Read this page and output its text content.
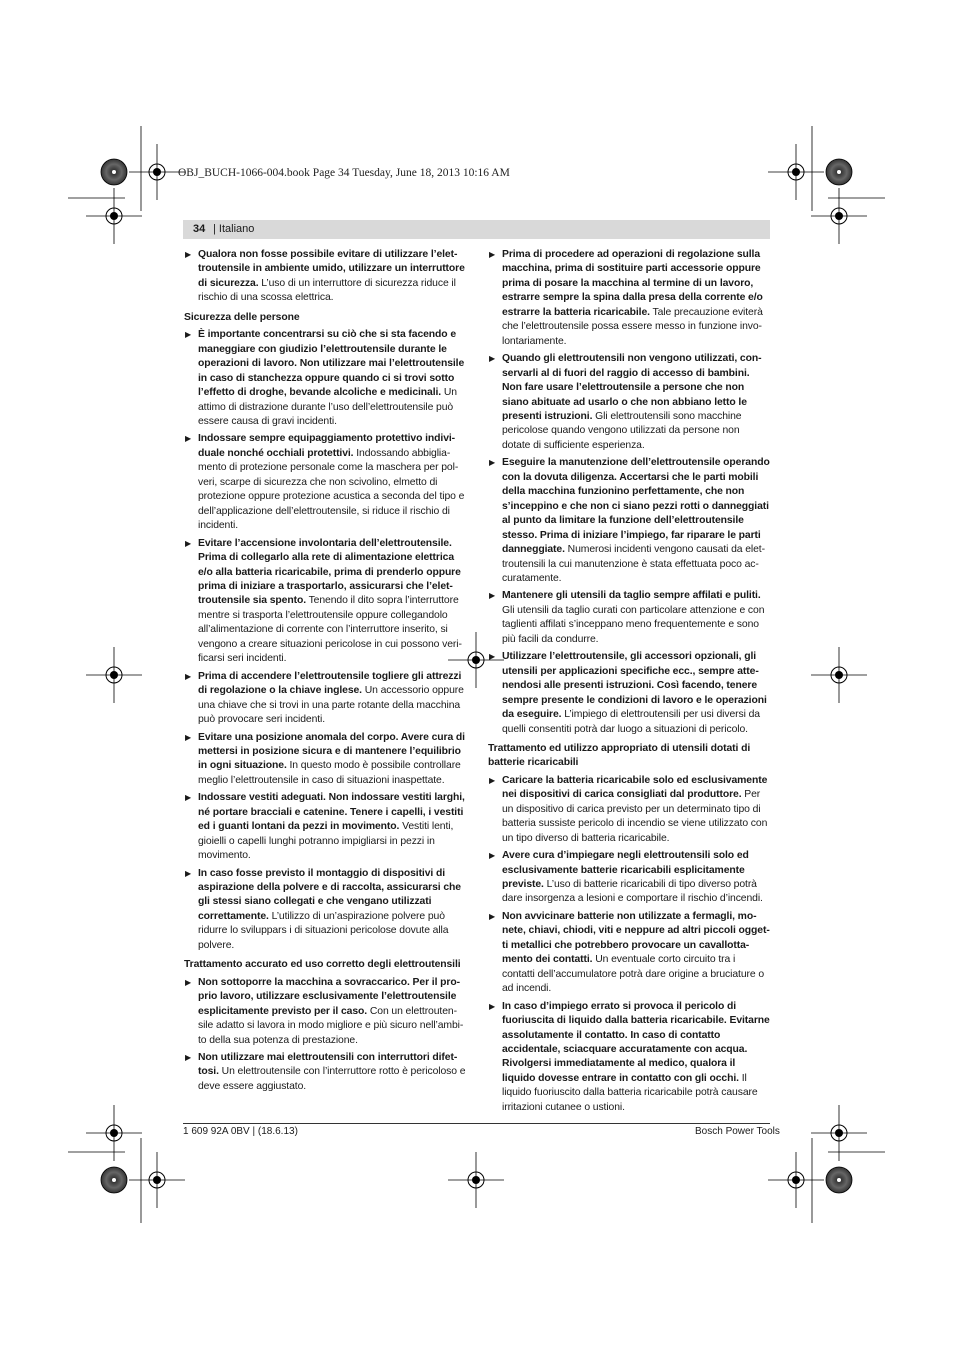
OBJ_BUCH-1066-004.book Page 34 Tuesday, June 18, 2013 10:16 AM
34 | Italiano
▶ Qualora non fosse possibile evitare di utilizzare l’elettroutensile in ambiente umido, utilizzare un interruttore di sicurezza. L’uso di un interruttore di sicurezza riduce il rischio di una scossa elettrica.
Sicurezza delle persone
▶ È importante concentrarsi su ciò che si sta facendo e maneggiare con giudizio l’elettroutensile durante le operazioni di lavoro. Non utilizzare mai l’elettroutensile in caso di stanchezza oppure quando ci si trovi sotto l’effetto di droghe, bevande alcoliche e medicinali. Un attimo di distrazione durante l’uso dell’elettroutensile può essere causa di gravi incidenti.
▶ Indossare sempre equipaggiamento protettivo individuale nonché occhiali protettivi. Indossando abbigliamento di protezione personale come la maschera per polveri, scarpe di sicurezza che non scivolino, elmetto di protezione oppure protezione acustica a seconda del tipo e dell’applicazione dell’elettroutensile, si riduce il rischio di incidenti.
▶ Evitare l’accensione involontaria dell’elettroutensile. Prima di collegarlo alla rete di alimentazione elettrica e/o alla batteria ricaricabile, prima di prenderlo oppure prima di iniziare a trasportarlo, assicurarsi che l’elettroutensile sia spento. Tenendo il dito sopra l’interruttore mentre si trasporta l’elettroutensile oppure collegandolo all’alimentazione di corrente con l’interruttore inserito, si vengono a creare situazioni pericolose in cui possono verificarsi seri incidenti.
▶ Prima di accendere l’elettroutensile togliere gli attrezzi di regolazione o la chiave inglese. Un accessorio oppure una chiave che si trovi in una parte rotante della macchina può provocare seri incidenti.
▶ Evitare una posizione anomala del corpo. Avere cura di mettersi in posizione sicura e di mantenere l’equilibrio in ogni situazione. In questo modo è possibile controllare meglio l’elettroutensile in caso di situazioni inaspettate.
▶ Indossare vestiti adeguati. Non indossare vestiti larghi, né portare bracciali e catenine. Tenere i capelli, i vestiti ed i guanti lontani da pezzi in movimento. Vestiti lenti, gioielli o capelli lunghi potranno impigliarsi in pezzi in movimento.
▶ In caso fosse previsto il montaggio di dispositivi di aspirazione della polvere e di raccolta, assicurarsi che gli stessi siano collegati e che vengano utilizzati correttamente. L’utilizzo di un’aspirazione polvere può ridurre lo sviluppars i di situazioni pericolose dovute alla polvere.
Trattamento accurato ed uso corretto degli elettroutensili
▶ Non sottoporre la macchina a sovraccarico. Per il proprio lavoro, utilizzare esclusivamente l’elettroutensile esplicitamente previsto per il caso. Con un elettroutensile adatto si lavora in modo migliore e più sicuro nell’ambito della sua potenza di prestazione.
▶ Non utilizzare mai elettroutensili con interruttori difettosi. Un elettroutensile con l’interruttore rotto è pericoloso e deve essere aggiustato.
▶ Prima di procedere ad operazioni di regolazione sulla macchina, prima di sostituire parti accessorie oppure prima di posare la macchina al termine di un lavoro, estrarre sempre la spina dalla presa della corrente e/o estrarre la batteria ricaricabile. Tale precauzione eviterà che l’elettroutensile possa essere messo in funzione involontariamente.
▶ Quando gli elettroutensili non vengono utilizzati, conservarli al di fuori del raggio di accesso di bambini. Non fare usare l’elettroutensile a persone che non siano abituate ad usarlo o che non abbiano letto le presenti istruzioni. Gli elettroutensili sono macchine pericolose quando vengono utilizzati da persone non dotate di sufficiente esperienza.
▶ Eseguire la manutenzione dell’elettroutensile operando con la dovuta diligenza. Accertarsi che le parti mobili della macchina funzionino perfettamente, che non s’inceppino e che non ci siano pezzi rotti o danneggiati al punto da limitare la funzione dell’elettroutensile stesso. Prima di iniziare l’impiego, far riparare le parti danneggiate. Numerosi incidenti vengono causati da elettroutensili la cui manutenzione è stata effettuata poco accuratamente.
▶ Mantenere gli utensili da taglio sempre affilati e puliti. Gli utensili da taglio curati con particolare attenzione e con taglienti affilati s’inceppano meno frequentemente e sono più facili da condurre.
▶ Utilizzare l’elettroutensile, gli accessori opzionali, gli utensili per applicazioni specifiche ecc., sempre attenendosi alle presenti istruzioni. Così facendo, tenere sempre presente le condizioni di lavoro e le operazioni da eseguire. L’impiego di elettroutensili per usi diversi da quelli consentiti potrà dar luogo a situazioni di pericolo.
Trattamento ed utilizzo appropriato di utensili dotati di batterie ricaricabili
▶ Caricare la batteria ricaricabile solo ed esclusivamente nei dispositivi di carica consigliati dal produttore. Per un dispositivo di carica previsto per un determinato tipo di batteria sussiste pericolo di incendio se viene utilizzato con un tipo diverso di batteria ricaricabile.
▶ Avere cura d’impiegare negli elettroutensili solo ed esclusivamente batterie ricaricabili esplicitamente previste. L’uso di batterie ricaricabili di tipo diverso potrà dare insorgenza a lesioni e comportare il rischio d’incendi.
▶ Non avvicinare batterie non utilizzate a fermagli, monete, chiavi, chiodi, viti e neppure ad altri piccoli oggetti metallici che potrebbero provocare un cavallottamento dei contatti. Un eventuale corto circuito tra i contatti dell’accumulatore potrà dare origine a bruciature o ad incendi.
▶ In caso d’impiego errato si provoca il pericolo di fuoriuscita di liquido dalla batteria ricaricabile. Evitarne assolutamente il contatto. In caso di contatto accidentale, sciacquare accuratamente con acqua. Rivolgersi immediatamente al medico, qualora il liquido dovesse entrare in contatto con gli occhi. Il liquido fuoriuscito dalla batteria ricaricabile potrà causare irritazioni cutanee o ustioni.
1 609 92A 0BV | (18.6.13)	Bosch Power Tools
